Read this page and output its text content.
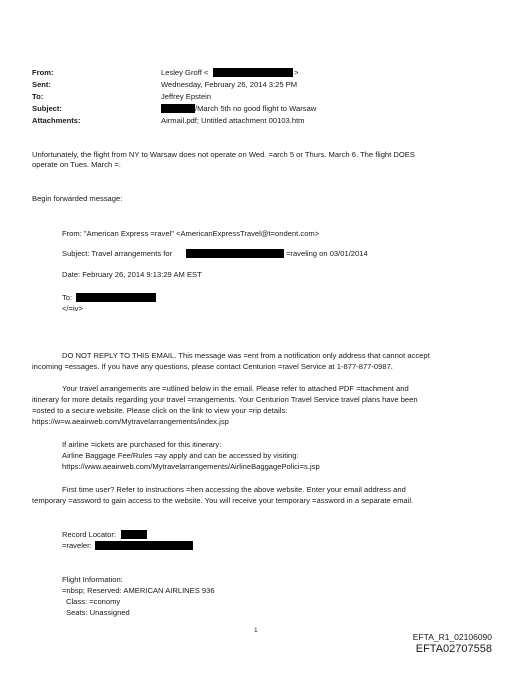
From:	Lesley Groff <	>
Sent:	Wednesday, February 26, 2014 3:25 PM
To:	Jeffrey Epstein
Subject:	/March 5th no good flight to Warsaw
Attachments:	Airmail.pdf; Untitled attachment 00103.htm
Unfortunately, the flight from NY to Warsaw does not operate on Wed. =arch 5 or Thurs. March 6. The flight DOES
operate on Tues. March =.
Begin forwarded message:
From: "American Express =ravel" <AmericanExpressTravel@t=ondent.com>
Subject: Travel arrangements for	=raveling on 03/01/2014
Date: February 26, 2014 9:13:29 AM EST
To:
</=iv>
DO NOT REPLY TO THIS EMAIL. This message was =ent from a notification only address that cannot accept
incoming =essages. If you have any questions, please contact Centurion =ravel Service at 1-877-877-0987.
Your travel arrangements are =utlined below in the email. Please refer to attached PDF =ttachment and
itinerary for more details regarding your travel =rrangements. Your Centurion Travel Service travel plans have been
=osted to a secure website. Please click on the link to view your =rip details:
https://w=w.aeairweb.com/Mytravelarrangements/index.jsp
If airline =ickets are purchased for this itinerary:
Airline Baggage Fee/Rules =ay apply and can be accessed by visiting:
https://www.aeairweb.com/Mytravelarrangements/AirlineBaggagePolici=s.jsp
First time user? Refer to instructions =hen accessing the above website. Enter your email address and
temporary =assword to gain access to the website. You will receive your temporary =assword in a separate email.
Record Locator:
=raveler:
Flight Information:
=nbsp; Reserved: AMERICAN AIRLINES 936
Class: =conomy
Seats: Unassigned
1
EFTA_R1_02106090
EFTA02707558
